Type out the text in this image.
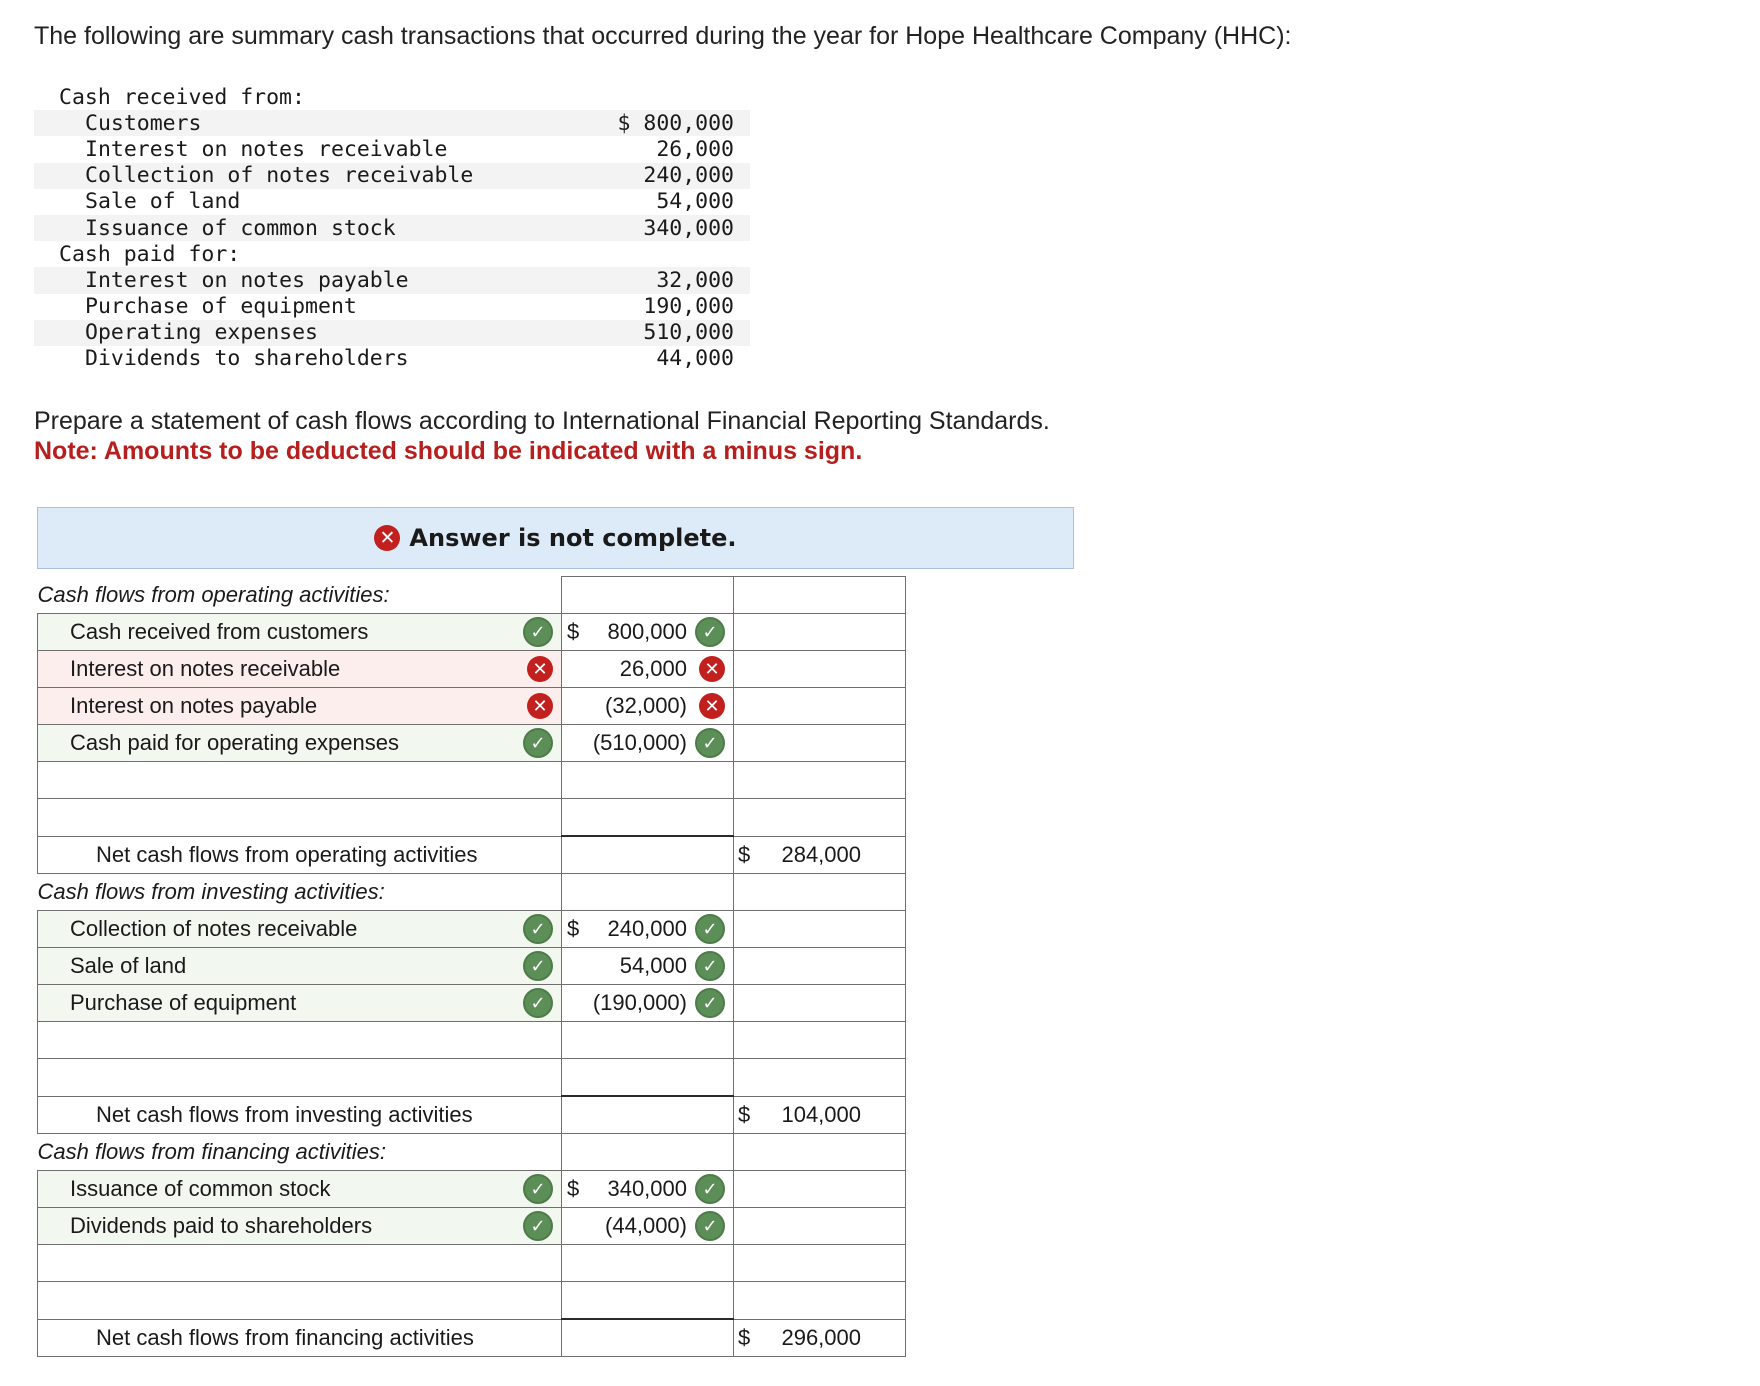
The following are summary cash transactions that occurred during the year for Hope Healthcare Company (HHC):
Cash received from:
Customers	$ 800,000
Interest on notes receivable	26,000
Collection of notes receivable	240,000
Sale of land	54,000
Issuance of common stock	340,000
Cash paid for:
Interest on notes payable	32,000
Purchase of equipment	190,000
Operating expenses	510,000
Dividends to shareholders	44,000
Prepare a statement of cash flows according to International Financial Reporting Standards.
Note: Amounts to be deducted should be indicated with a minus sign.
✕ Answer is not complete.
Cash flows from operating activities:		
Cash received from customers ✓	$ 800,000 ✓	

Interest on notes receivable ✕	26,000 ✕	

Interest on notes payable ✕	(32,000) ✕	

Cash paid for operating expenses ✓	(510,000) ✓	

Net cash flows from operating activities		$ 284,000

Cash flows from investing activities:		
Collection of notes receivable ✓	$ 240,000 ✓	

Sale of land ✓	54,000 ✓	

Purchase of equipment ✓	(190,000) ✓	

Net cash flows from investing activities		$ 104,000

Cash flows from financing activities:		
Issuance of common stock ✓	$ 340,000 ✓	

Dividends paid to shareholders ✓	(44,000) ✓	

Net cash flows from financing activities		$ 296,000
